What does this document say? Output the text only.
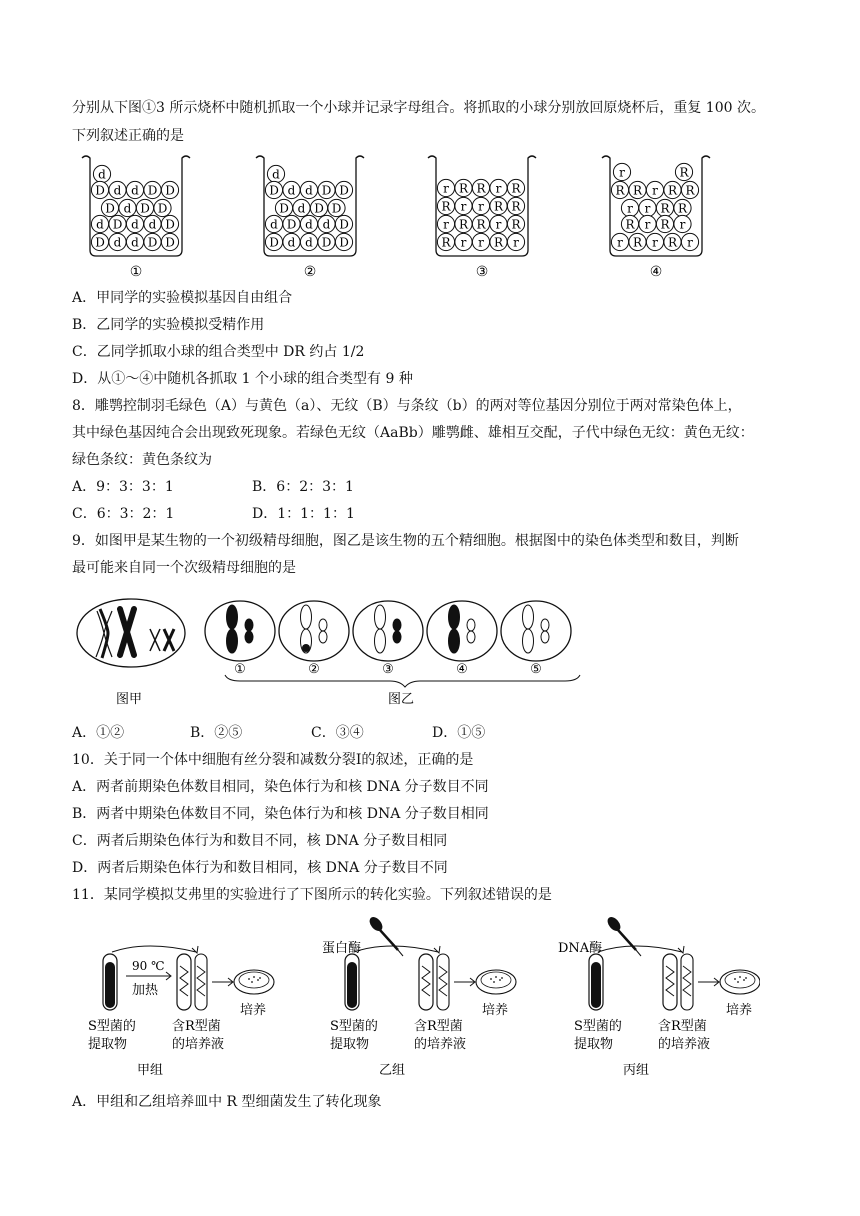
分别从下图①3 所示烧杯中随机抓取一个小球并记录字母组合。将抓取的小球分别放回原烧杯后，重复 100 次。
下列叙述正确的是
d
D d d D D
D d D D
d D d d D
D d d D D
①
d
D d d D D
D d D D
d D d d D
D d d D D
②
r R R r R
R r r R R
r R R r R
R r r R r
③
r	R
R R r R R
r r R R
R r R r
r R r R r
④
A．甲同学的实验模拟基因自由组合
B．乙同学的实验模拟受精作用
C．乙同学抓取小球的组合类型中 DR 约占 1/2
D．从①～④中随机各抓取 1 个小球的组合类型有 9 种
8．雕鹗控制羽毛绿色（A）与黄色（a）、无纹（B）与条纹（b）的两对等位基因分别位于两对常染色体上，
其中绿色基因纯合会出现致死现象。若绿色无纹（AaBb）雕鹗雌、雄相互交配，子代中绿色无纹：黄色无纹：
绿色条纹：黄色条纹为
A．9：3：3：1	B．6：2：3：1
C．6：3：2：1	D．1：1：1：1
9．如图甲是某生物的一个初级精母细胞，图乙是该生物的五个精细胞。根据图中的染色体类型和数目，判断
最可能来自同一个次级精母细胞的是
图甲
①	②	③	④	⑤
图乙
A．①②	B．②⑤	C．③④	D．①⑤
10．关于同一个体中细胞有丝分裂和减数分裂Ⅰ的叙述，正确的是
A．两者前期染色体数目相同，染色体行为和核 DNA 分子数目不同
B．两者中期染色体数目不同，染色体行为和核 DNA 分子数目相同
C．两者后期染色体行为和数目不同，核 DNA 分子数目相同
D．两者后期染色体行为和数目相同，核 DNA 分子数目不同
11．某同学模拟艾弗里的实验进行了下图所示的转化实验。下列叙述错误的是
培养
90 ℃
加热
S型菌的
提取物
含R型菌
的培养液
甲组
培养
蛋白酶
S型菌的
提取物
含R型菌
的培养液
乙组
培养
DNA酶
S型菌的
提取物
含R型菌
的培养液
丙组
A．甲组和乙组培养皿中 R 型细菌发生了转化现象
